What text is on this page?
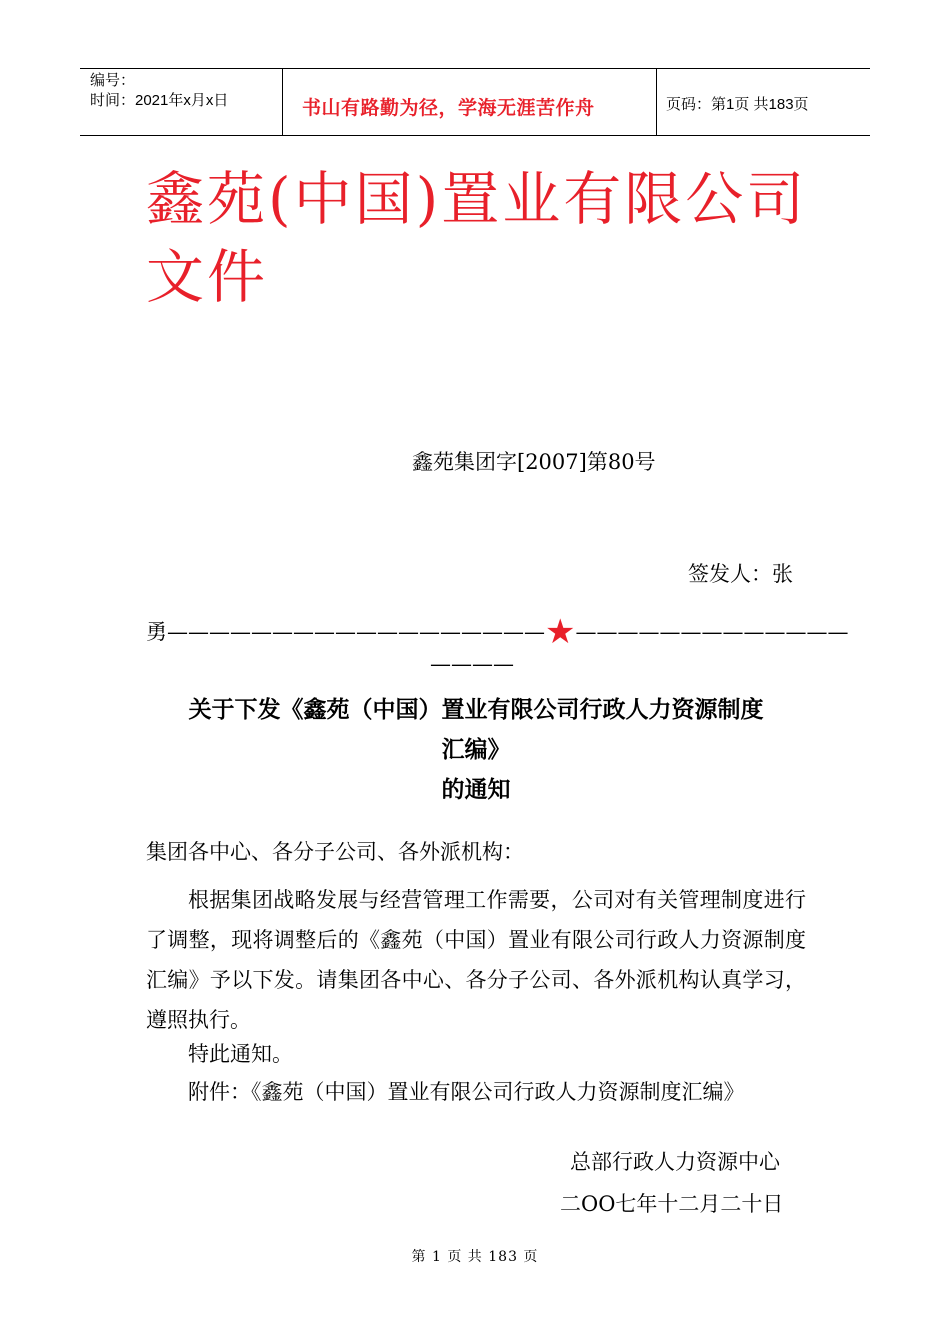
编号：
时间：2021年x月x日	书山有路勤为径，学海无涯苦作舟	页码：第1页 共183页
鑫苑(中国)置业有限公司
文件
鑫苑集团字[2007]第80号
签发人：张
勇——————————————————★—————————————
————
关于下发《鑫苑（中国）置业有限公司行政人力资源制度
汇编》
的通知
集团各中心、各分子公司、各外派机构：
根据集团战略发展与经营管理工作需要，公司对有关管理制度进行了调整，现将调整后的《鑫苑（中国）置业有限公司行政人力资源制度汇编》予以下发。请集团各中心、各分子公司、各外派机构认真学习，遵照执行。
特此通知。
附件：《鑫苑（中国）置业有限公司行政人力资源制度汇编》
总部行政人力资源中心
二OO七年十二月二十日
第 1 页 共 183 页
